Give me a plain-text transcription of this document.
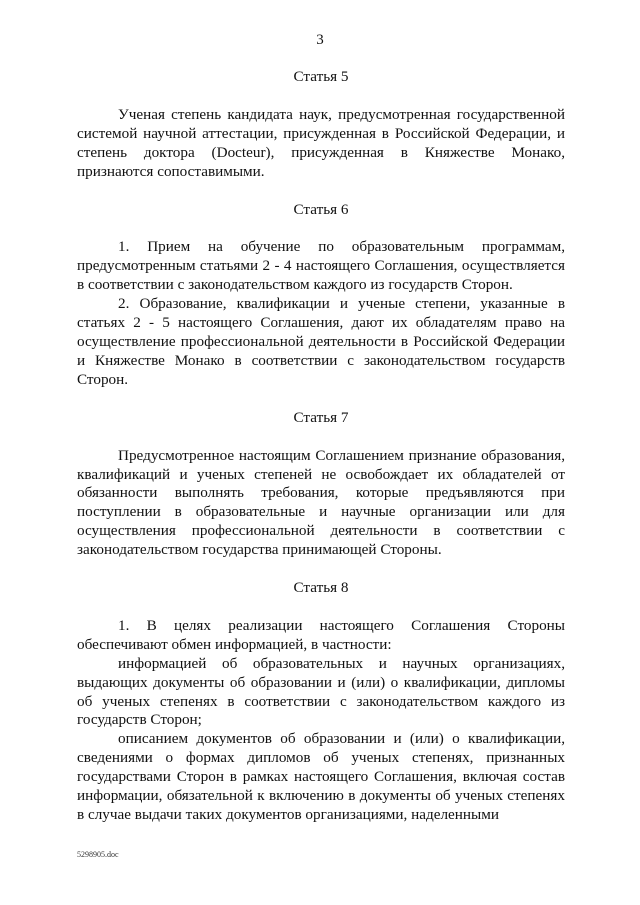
3

Статья 5

Ученая степень кандидата наук, предусмотренная государственной системой научной аттестации, присужденная в Российской Федерации, и степень доктора (Docteur), присужденная в Княжестве Монако, признаются сопоставимыми.

Статья 6

1. Прием на обучение по образовательным программам, предусмотренным статьями 2 - 4 настоящего Соглашения, осуществляется в соответствии с законодательством каждого из государств Сторон.

2. Образование, квалификации и ученые степени, указанные в статьях 2 - 5 настоящего Соглашения, дают их обладателям право на осуществление профессиональной деятельности в Российской Федерации и Княжестве Монако в соответствии с законодательством государств Сторон.

Статья 7

Предусмотренное настоящим Соглашением признание образования, квалификаций и ученых степеней не освобождает их обладателей от обязанности выполнять требования, которые предъявляются при поступлении в образовательные и научные организации или для осуществления профессиональной деятельности в соответствии с законодательством государства принимающей Стороны.

Статья 8

1. В целях реализации настоящего Соглашения Стороны обеспечивают обмен информацией, в частности:

информацией об образовательных и научных организациях, выдающих документы об образовании и (или) о квалификации, дипломы об ученых степенях в соответствии с законодательством каждого из государств Сторон;

описанием документов об образовании и (или) о квалификации, сведениями о формах дипломов об ученых степенях, признанных государствами Сторон в рамках настоящего Соглашения, включая состав информации, обязательной к включению в документы об ученых степенях в случае выдачи таких документов организациями, наделенными

5298905.doc
